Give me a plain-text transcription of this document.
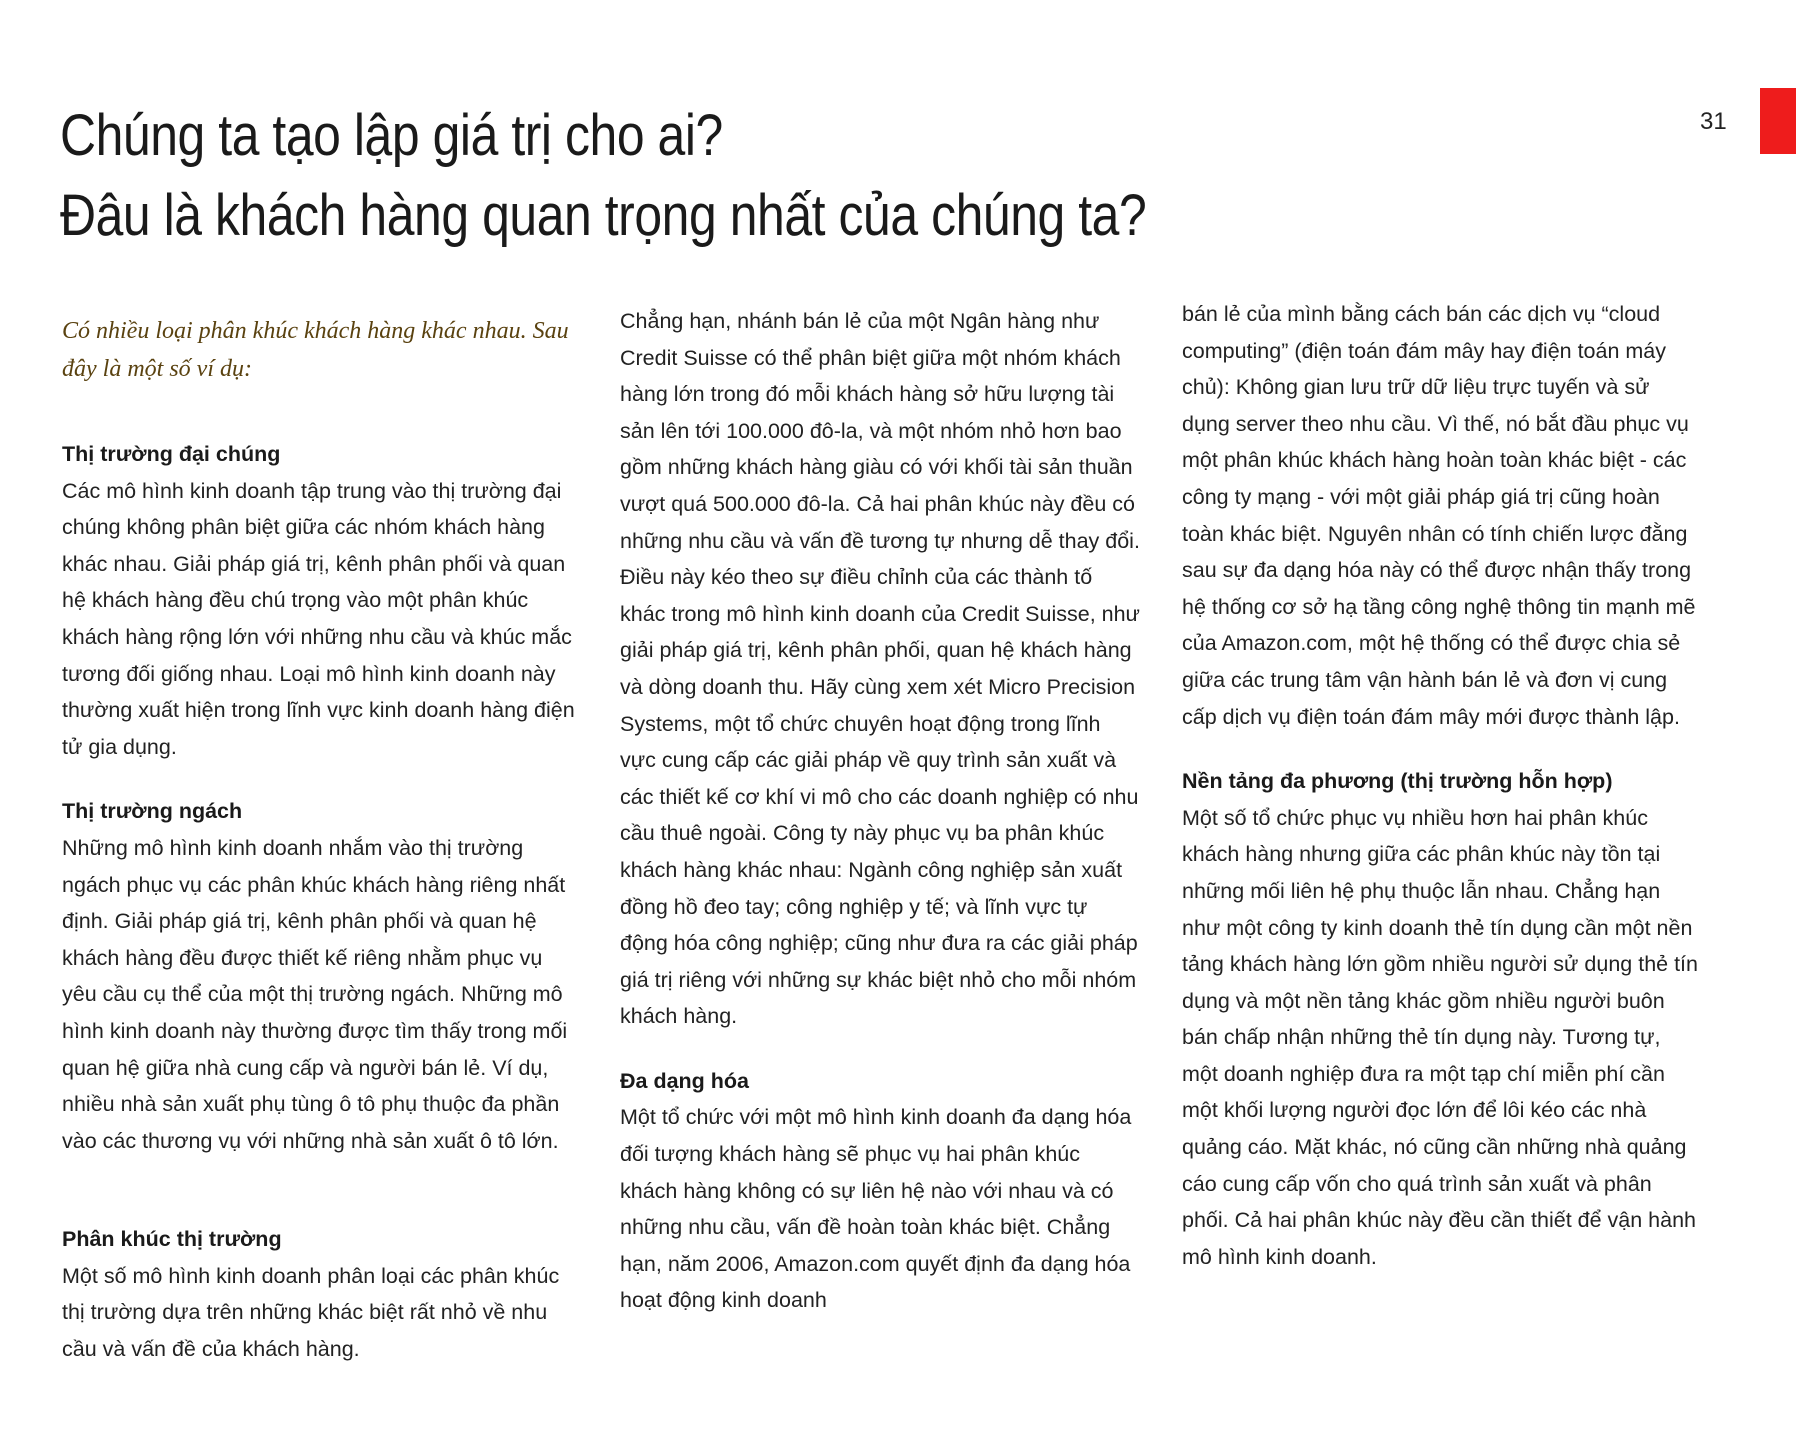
Chúng ta tạo lập giá trị cho ai?
Đâu là khách hàng quan trọng nhất của chúng ta?
31

Có nhiều loại phân khúc khách hàng khác nhau. Sau đây là một số ví dụ:

Thị trường đại chúng

Các mô hình kinh doanh tập trung vào thị trường đại chúng không phân biệt giữa các nhóm khách hàng khác nhau. Giải pháp giá trị, kênh phân phối và quan hệ khách hàng đều chú trọng vào một phân khúc khách hàng rộng lớn với những nhu cầu và khúc mắc tương đối giống nhau. Loại mô hình kinh doanh này thường xuất hiện trong lĩnh vực kinh doanh hàng điện tử gia dụng.

Thị trường ngách

Những mô hình kinh doanh nhắm vào thị trường ngách phục vụ các phân khúc khách hàng riêng nhất định. Giải pháp giá trị, kênh phân phối và quan hệ khách hàng đều được thiết kế riêng nhằm phục vụ yêu cầu cụ thể của một thị trường ngách. Những mô hình kinh doanh này thường được tìm thấy trong mối quan hệ giữa nhà cung cấp và người bán lẻ. Ví dụ, nhiều nhà sản xuất phụ tùng ô tô phụ thuộc đa phần vào các thương vụ với những nhà sản xuất ô tô lớn.

Phân khúc thị trường

Một số mô hình kinh doanh phân loại các phân khúc thị trường dựa trên những khác biệt rất nhỏ về nhu cầu và vấn đề của khách hàng.

Chẳng hạn, nhánh bán lẻ của một Ngân hàng như Credit Suisse có thể phân biệt giữa một nhóm khách hàng lớn trong đó mỗi khách hàng sở hữu lượng tài sản lên tới 100.000 đô-la, và một nhóm nhỏ hơn bao gồm những khách hàng giàu có với khối tài sản thuần vượt quá 500.000 đô-la. Cả hai phân khúc này đều có những nhu cầu và vấn đề tương tự nhưng dễ thay đổi. Điều này kéo theo sự điều chỉnh của các thành tố khác trong mô hình kinh doanh của Credit Suisse, như giải pháp giá trị, kênh phân phối, quan hệ khách hàng và dòng doanh thu. Hãy cùng xem xét Micro Precision Systems, một tổ chức chuyên hoạt động trong lĩnh vực cung cấp các giải pháp về quy trình sản xuất và các thiết kế cơ khí vi mô cho các doanh nghiệp có nhu cầu thuê ngoài. Công ty này phục vụ ba phân khúc khách hàng khác nhau: Ngành công nghiệp sản xuất đồng hồ đeo tay; công nghiệp y tế; và lĩnh vực tự động hóa công nghiệp; cũng như đưa ra các giải pháp giá trị riêng với những sự khác biệt nhỏ cho mỗi nhóm khách hàng.

Đa dạng hóa

Một tổ chức với một mô hình kinh doanh đa dạng hóa đối tượng khách hàng sẽ phục vụ hai phân khúc khách hàng không có sự liên hệ nào với nhau và có những nhu cầu, vấn đề hoàn toàn khác biệt. Chẳng hạn, năm 2006, Amazon.com quyết định đa dạng hóa hoạt động kinh doanh

bán lẻ của mình bằng cách bán các dịch vụ “cloud computing” (điện toán đám mây hay điện toán máy chủ): Không gian lưu trữ dữ liệu trực tuyến và sử dụng server theo nhu cầu. Vì thế, nó bắt đầu phục vụ một phân khúc khách hàng hoàn toàn khác biệt - các công ty mạng - với một giải pháp giá trị cũng hoàn toàn khác biệt. Nguyên nhân có tính chiến lược đằng sau sự đa dạng hóa này có thể được nhận thấy trong hệ thống cơ sở hạ tầng công nghệ thông tin mạnh mẽ của Amazon.com, một hệ thống có thể được chia sẻ giữa các trung tâm vận hành bán lẻ và đơn vị cung cấp dịch vụ điện toán đám mây mới được thành lập.

Nền tảng đa phương (thị trường hỗn hợp)

Một số tổ chức phục vụ nhiều hơn hai phân khúc khách hàng nhưng giữa các phân khúc này tồn tại những mối liên hệ phụ thuộc lẫn nhau. Chẳng hạn như một công ty kinh doanh thẻ tín dụng cần một nền tảng khách hàng lớn gồm nhiều người sử dụng thẻ tín dụng và một nền tảng khác gồm nhiều người buôn bán chấp nhận những thẻ tín dụng này. Tương tự, một doanh nghiệp đưa ra một tạp chí miễn phí cần một khối lượng người đọc lớn để lôi kéo các nhà quảng cáo. Mặt khác, nó cũng cần những nhà quảng cáo cung cấp vốn cho quá trình sản xuất và phân phối. Cả hai phân khúc này đều cần thiết để vận hành mô hình kinh doanh.
